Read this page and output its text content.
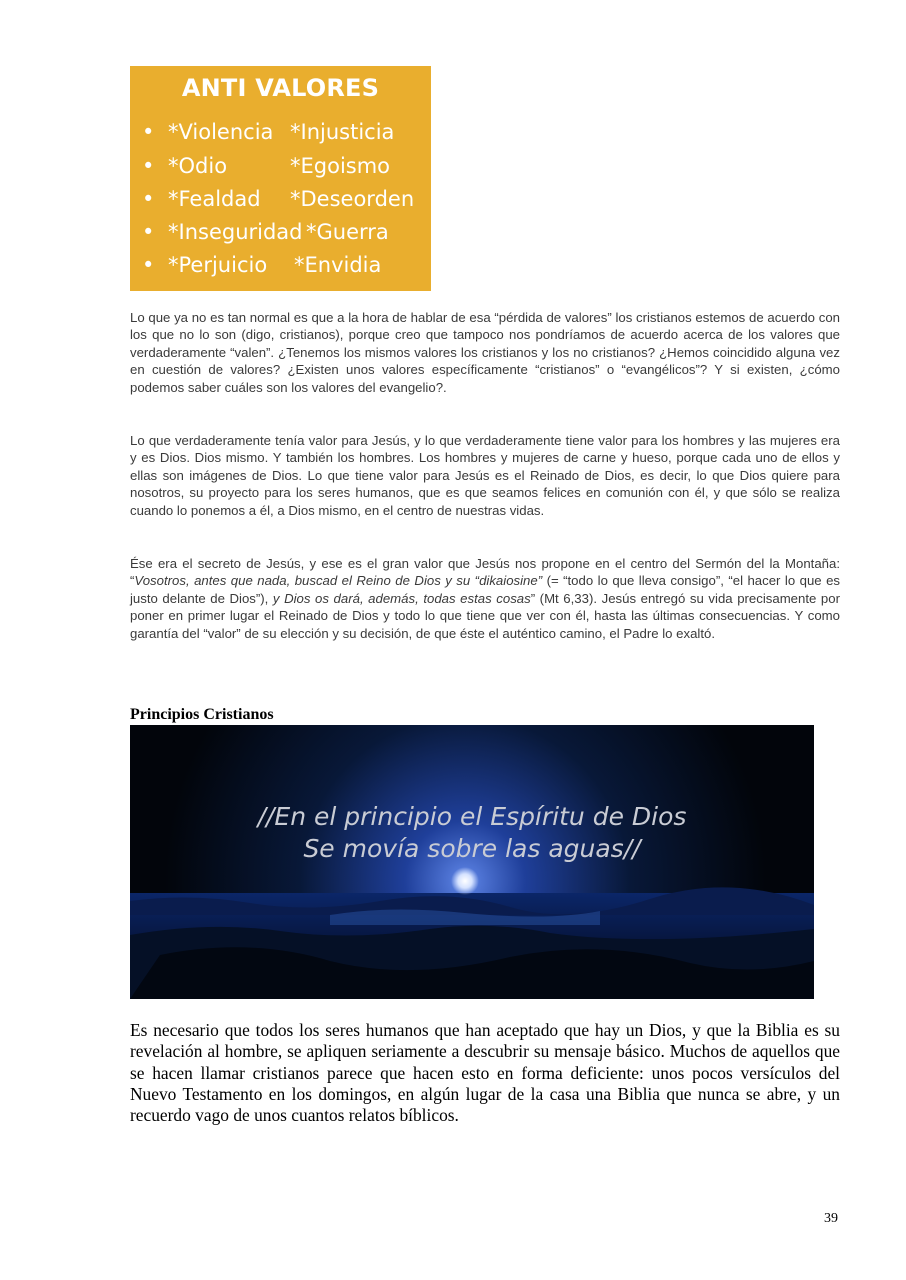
ANTI VALORES
• *Violencia *Injusticia
• *Odio	*Egoismo
• *Fealdad *Deseorden
• *Inseguridad *Guerra
• *Perjuicio *Envidia

Lo que ya no es tan normal es que a la hora de hablar de esa “pérdida de valores” los cristianos estemos de acuerdo con los que no lo son (digo, cristianos), porque creo que tampoco nos pondríamos de acuerdo acerca de los valores que verdaderamente “valen”. ¿Tenemos los mismos valores los cristianos y los no cristianos? ¿Hemos coincidido alguna vez en cuestión de valores? ¿Existen unos valores específicamente “cristianos” o “evangélicos”? Y si existen, ¿cómo podemos saber cuáles son los valores del evangelio?.

Lo que verdaderamente tenía valor para Jesús, y lo que verdaderamente tiene valor para los hombres y las mujeres era y es Dios. Dios mismo. Y también los hombres. Los hombres y mujeres de carne y hueso, porque cada uno de ellos y ellas son imágenes de Dios. Lo que tiene valor para Jesús es el Reinado de Dios, es decir, lo que Dios quiere para nosotros, su proyecto para los seres humanos, que es que seamos felices en comunión con él, y que sólo se realiza cuando lo ponemos a él, a Dios mismo, en el centro de nuestras vidas.

Ése era el secreto de Jesús, y ese es el gran valor que Jesús nos propone en el centro del Sermón del la Montaña: “Vosotros, antes que nada, buscad el Reino de Dios y su “dikaiosine” (= “todo lo que lleva consigo”, “el hacer lo que es justo delante de Dios”), y Dios os dará, además, todas estas cosas” (Mt 6,33). Jesús entregó su vida precisamente por poner en primer lugar el Reinado de Dios y todo lo que tiene que ver con él, hasta las últimas consecuencias. Y como garantía del “valor” de su elección y su decisión, de que éste el auténtico camino, el Padre lo exaltó.

Principios Cristianos
//En el principio el Espíritu de Dios
Se movía sobre las aguas//

Es necesario que todos los seres humanos que han aceptado que hay un Dios, y que la Biblia es su revelación al hombre, se apliquen seriamente a descubrir su mensaje básico. Muchos de aquellos que se hacen llamar cristianos parece que hacen esto en forma deficiente: unos pocos versículos del Nuevo Testamento en los domingos, en algún lugar de la casa una Biblia que nunca se abre, y un recuerdo vago de unos cuantos relatos bíblicos.

39
